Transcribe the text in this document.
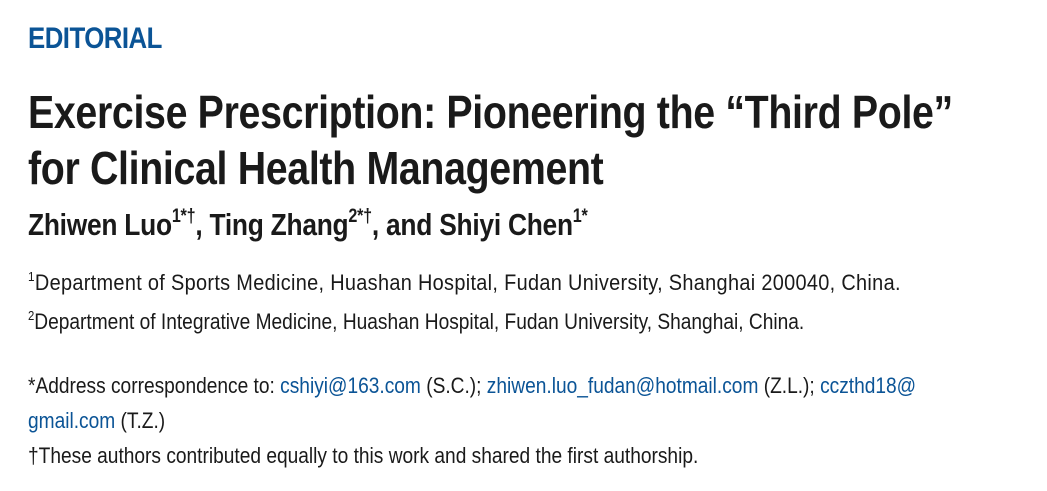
EDITORIAL
Exercise Prescription: Pioneering the “Third Pole” for Clinical Health Management
Zhiwen Luo$^{1*\dagger}$, Ting Zhang$^{2*\dagger}$, and Shiyi Chen$^{1*}$
$^1$Department of Sports Medicine, Huashan Hospital, Fudan University, Shanghai 200040, China.
$^2$Department of Integrative Medicine, Huashan Hospital, Fudan University, Shanghai, China.
*Address correspondence to: cshiyi@163.com (S.C.); zhiwen.luo_fudan@hotmail.com (Z.L.); cczthd18@
gmail.com (T.Z.)
†These authors contributed equally to this work and shared the first authorship.
